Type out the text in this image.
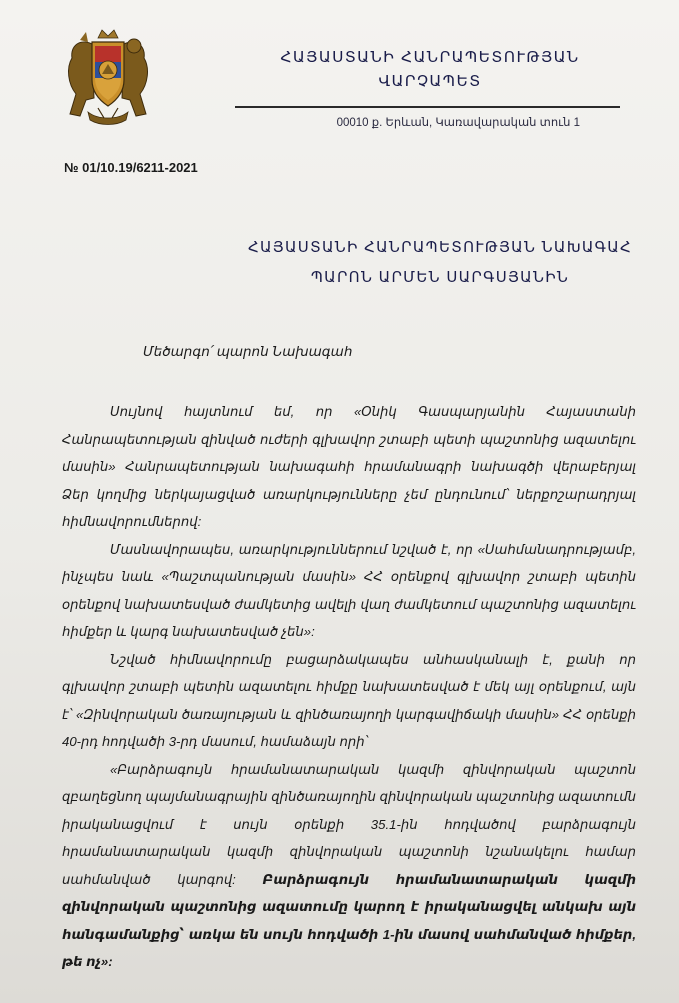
ՀԱՅԱՍՏԱՆԻ ՀԱՆՐԱՊԵՏՈՒԹՅԱՆ
ՎԱՐՉԱՊԵՏ
00010 ք. Երևան, Կառավարական տուն 1
№ 01/10.19/6211-2021
ՀԱՅԱՍՏԱՆԻ ՀԱՆՐԱՊԵՏՈՒԹՅԱՆ ՆԱԽԱԳԱՀ
ՊԱՐՈՆ ԱՐՄԵՆ ՍԱՐԳՍՅԱՆԻՆ
Մեծարգո՛ պարոն Նախագահ

Սույնով հայտնում եմ, որ «Օնիկ Գասպարյանին Հայաստանի Հանրապետության զինված ուժերի գլխավոր շտաբի պետի պաշտոնից ազատելու մասին» Հանրապետության նախագահի հրամանագրի նախագծի վերաբերյալ Ձեր կողմից ներկայացված առարկությունները չեմ ընդունում՝ ներքոշարադրյալ հիմնավորումներով:

Մասնավորապես, առարկություններում նշված է, որ «Սահմանադրությամբ, ինչպես նաև «Պաշտպանության մասին» ՀՀ օրենքով գլխավոր շտաբի պետին օրենքով նախատեսված ժամկետից ավելի վաղ ժամկետում պաշտոնից ազատելու հիմքեր և կարգ նախատեսված չեն»:

Նշված հիմնավորումը բացարձակապես անհասկանալի է, քանի որ գլխավոր շտաբի պետին ազատելու հիմքը նախատեսված է մեկ այլ օրենքում, այն է՝ «Զինվորական ծառայության և զինծառայողի կարգավիճակի մասին» ՀՀ օրենքի 40-րդ հոդվածի 3-րդ մասում, համաձայն որի՝

«Բարձրագույն հրամանատարական կազմի զինվորական պաշտոն զբաղեցնող պայմանագրային զինծառայողին զինվորական պաշտոնից ազատումն իրականացվում է սույն օրենքի 35.1-ին հոդվածով բարձրագույն հրամանատարական կազմի զինվորական պաշտոնի նշանակելու համար սահմանված կարգով: Բարձրագույն հրամանատարական կազմի զինվորական պաշտոնից ազատումը կարող է իրականացվել անկախ այն հանգամանքից՝ առկա են սույն հոդվածի 1-ին մասով սահմանված հիմքեր, թե ոչ»:
